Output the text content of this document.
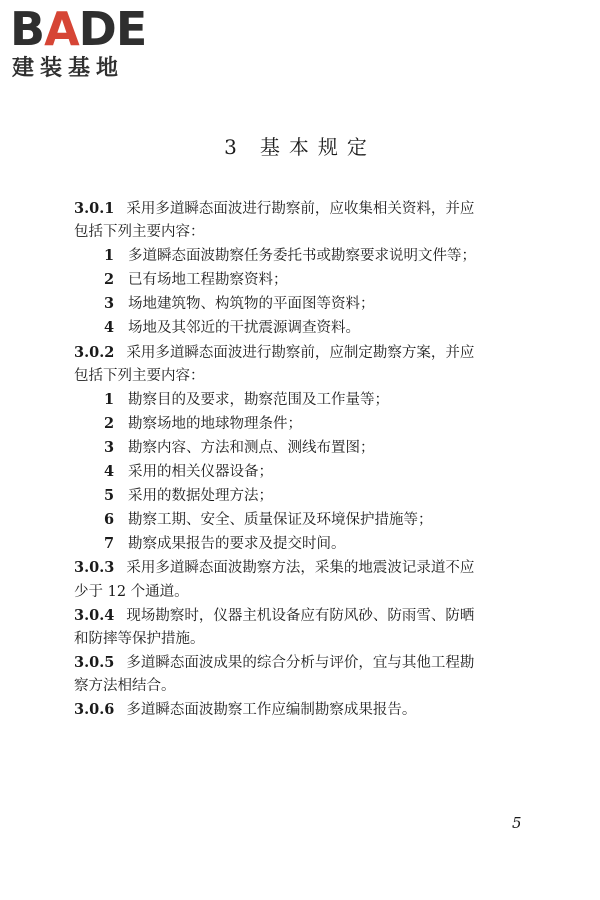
BADE
建装基地
3 基本规定
3.0.1 采用多道瞬态面波进行勘察前，应收集相关资料，并应
包括下列主要内容：
1 多道瞬态面波勘察任务委托书或勘察要求说明文件等；
2 已有场地工程勘察资料；
3 场地建筑物、构筑物的平面图等资料；
4 场地及其邻近的干扰震源调查资料。
3.0.2 采用多道瞬态面波进行勘察前，应制定勘察方案，并应
包括下列主要内容：
1 勘察目的及要求，勘察范围及工作量等；
2 勘察场地的地球物理条件；
3 勘察内容、方法和测点、测线布置图；
4 采用的相关仪器设备；
5 采用的数据处理方法；
6 勘察工期、安全、质量保证及环境保护措施等；
7 勘察成果报告的要求及提交时间。
3.0.3 采用多道瞬态面波勘察方法，采集的地震波记录道不应
少于 12 个通道。
3.0.4 现场勘察时，仪器主机设备应有防风砂、防雨雪、防晒
和防摔等保护措施。
3.0.5 多道瞬态面波成果的综合分析与评价，宜与其他工程勘
察方法相结合。
3.0.6 多道瞬态面波勘察工作应编制勘察成果报告。
5
